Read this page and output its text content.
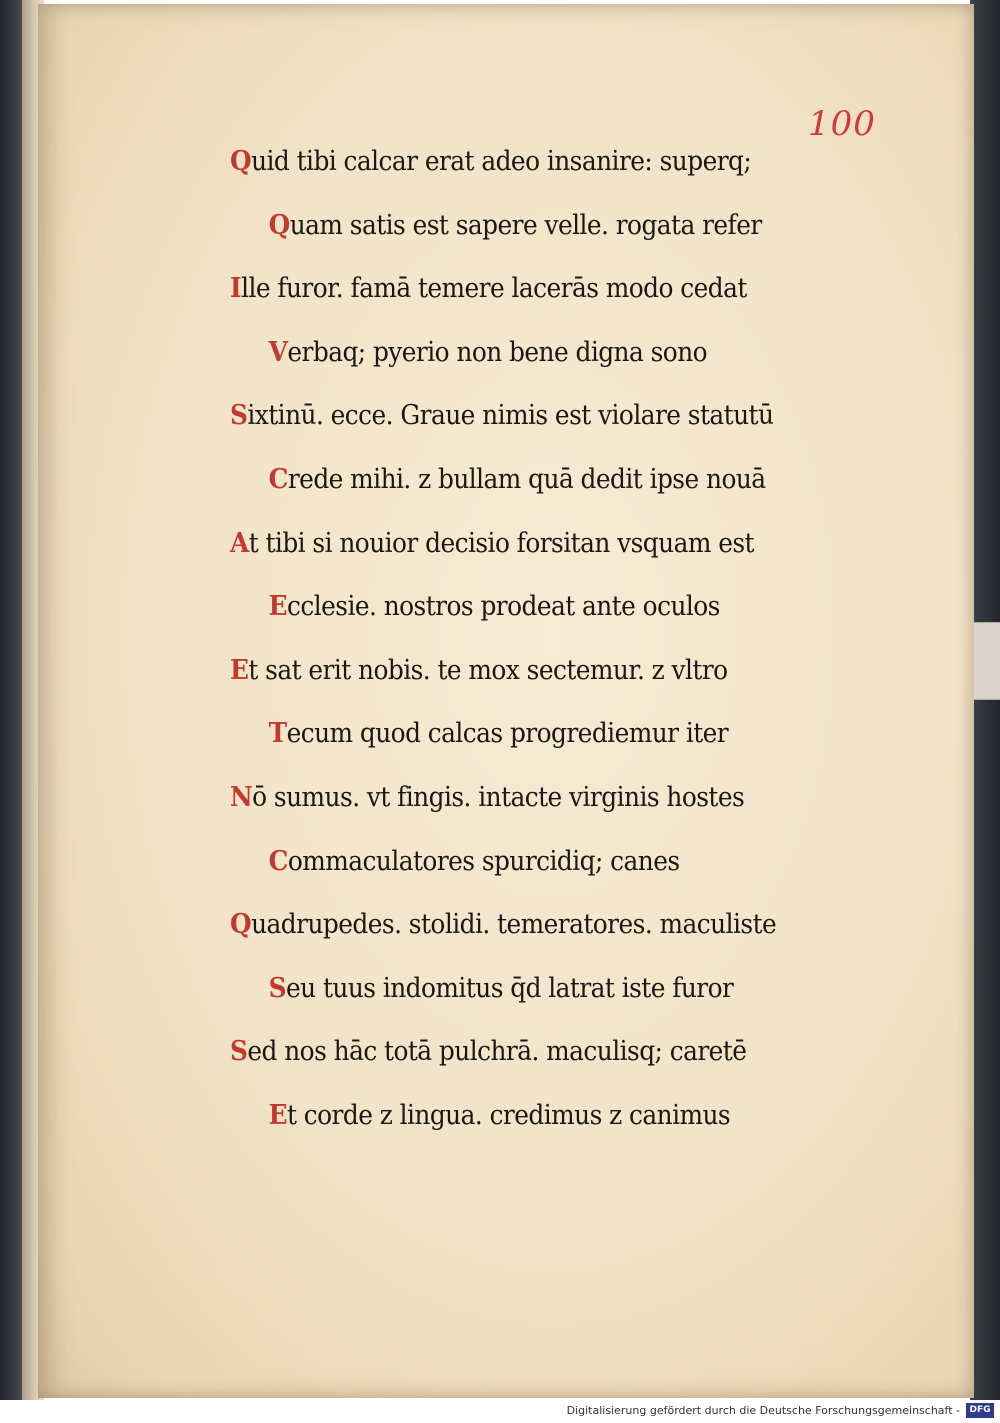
100
Quid tibi calcar erat adeo insanire: superq;
Quam satis est sapere velle. rogata refer
Ille furor. famā temere lacerās modo cedat
Verbaq; pyerio non bene digna sono
Sixtinū. ecce. Graue nimis est violare statutū
Crede mihi. z bullam quā dedit ipse nouā
At tibi si nouior decisio forsitan vsquam est
Ecclesie. nostros prodeat ante oculos
Et sat erit nobis. te mox sectemur. z vltro
Tecum quod calcas progrediemur iter
Nō sumus. vt fingis. intacte virginis hostes
Commaculatores spurcidiq; canes
Quadrupedes. stolidi. temeratores. maculiste
Seu tuus indomitus q̄d latrat iste furor
Sed nos hāc totā pulchrā. maculisq; caretē
Et corde z lingua. credimus z canimus
Digitalisierung gefördert durch die Deutsche Forschungsgemeinschaft -	DFG
